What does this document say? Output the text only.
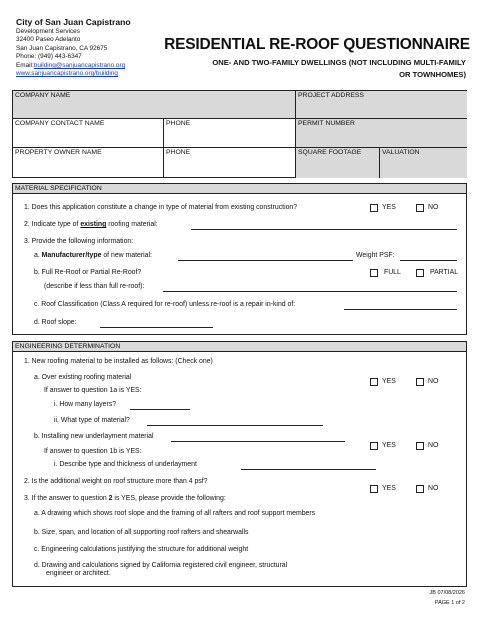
City of San Juan Capistrano
Development Services
32400 Paseo Adelanto
San Juan Capistrano, CA 92675
Phone: (949) 443-6347
Email:building@sanjuancapistrano.org
www.sanjuancapistrano.org/building
RESIDENTIAL RE-ROOF QUESTIONNAIRE
ONE- AND TWO-FAMILY DWELLINGS (NOT INCLUDING MULTI-FAMILY
OR TOWNHOMES)
COMPANY NAME	PROJECT ADDRESS
COMPANY CONTACT NAME	PHONE	PERMIT NUMBER
PROPERTY OWNER NAME	PHONE	SQUARE FOOTAGE	VALUATION
MATERIAL SPECIFICATION
1. Does this application constitute a change in type of material from existing construction?	YES	NO
2. Indicate type of existing roofing material:
3. Provide the following information:
a. Manufacturer/type of new material:	Weight PSF:
b. Full Re-Roof or Partial Re-Roof?	FULL	PARTIAL
(describe if less than full re-roof):
c. Roof Classification (Class A required for re-roof) unless re-roof is a repair in-kind of:
d. Roof slope:
ENGINEERING DETERMINATION
1. New roofing material to be installed as follows: (Check one)
a. Over existing roofing material
YES	NO
If answer to question 1a is YES:
i. How many layers?
ii. What type of material?
b. Installing new underlayment material
YES	NO
If answer to question 1b is YES:
i. Describe type and thickness of underlayment
2. Is the additional weight on roof structure more than 4 psf?
YES	NO
3. If the answer to question 2 is YES, please provide the following:
a. A drawing which shows roof slope and the framing of all rafters and roof support members
b. Size, span, and location of all supporting roof rafters and shearwalls
c. Engineering calculations justifying the structure for additional weight
d. Drawing and calculations signed by California registered civil engineer, structural
engineer or architect.
JB 07/08/2026
PAGE 1 of 2
